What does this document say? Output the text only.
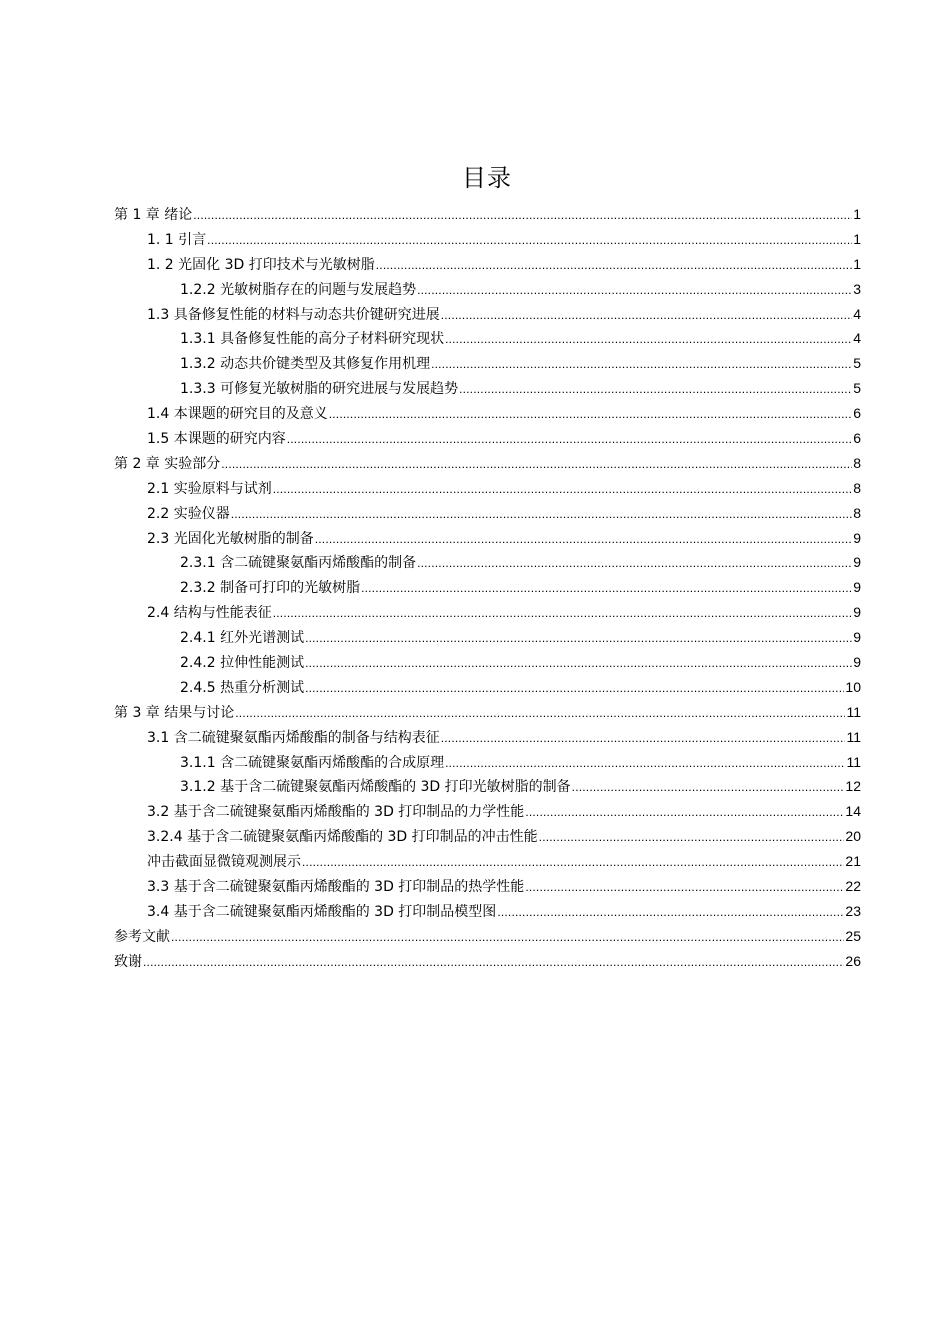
目录
第 1 章 绪论 .....	1
1. 1 引言 .....	1
1. 2 光固化 3D 打印技术与光敏树脂 .....	1
1.2.2 光敏树脂存在的问题与发展趋势 .....	3
1.3 具备修复性能的材料与动态共价键研究进展 .....	4
1.3.1 具备修复性能的高分子材料研究现状 .....	4
1.3.2 动态共价键类型及其修复作用机理 .....	5
1.3.3 可修复光敏树脂的研究进展与发展趋势 .....	5
1.4 本课题的研究目的及意义 .....	6
1.5 本课题的研究内容 .....	6
第 2 章 实验部分 .....	8
2.1 实验原料与试剂 .....	8
2.2 实验仪器 .....	8
2.3 光固化光敏树脂的制备 .....	9
2.3.1 含二硫键聚氨酯丙烯酸酯的制备 .....	9
2.3.2 制备可打印的光敏树脂 .....	9
2.4 结构与性能表征 .....	9
2.4.1 红外光谱测试 .....	9
2.4.2 拉伸性能测试 .....	9
2.4.5 热重分析测试 .....	10
第 3 章 结果与讨论 .....	11
3.1 含二硫键聚氨酯丙烯酸酯的制备与结构表征 .....	11
3.1.1 含二硫键聚氨酯丙烯酸酯的合成原理 .....	11
3.1.2 基于含二硫键聚氨酯丙烯酸酯的 3D 打印光敏树脂的制备 .....	12
3.2 基于含二硫键聚氨酯丙烯酸酯的 3D 打印制品的力学性能 .....	14
3.2.4 基于含二硫键聚氨酯丙烯酸酯的 3D 打印制品的冲击性能 .....	20
冲击截面显微镜观测展示 .....	21
3.3 基于含二硫键聚氨酯丙烯酸酯的 3D 打印制品的热学性能 .....	22
3.4 基于含二硫键聚氨酯丙烯酸酯的 3D 打印制品模型图 .....	23
参考文献 .....	25
致谢 .....	26
